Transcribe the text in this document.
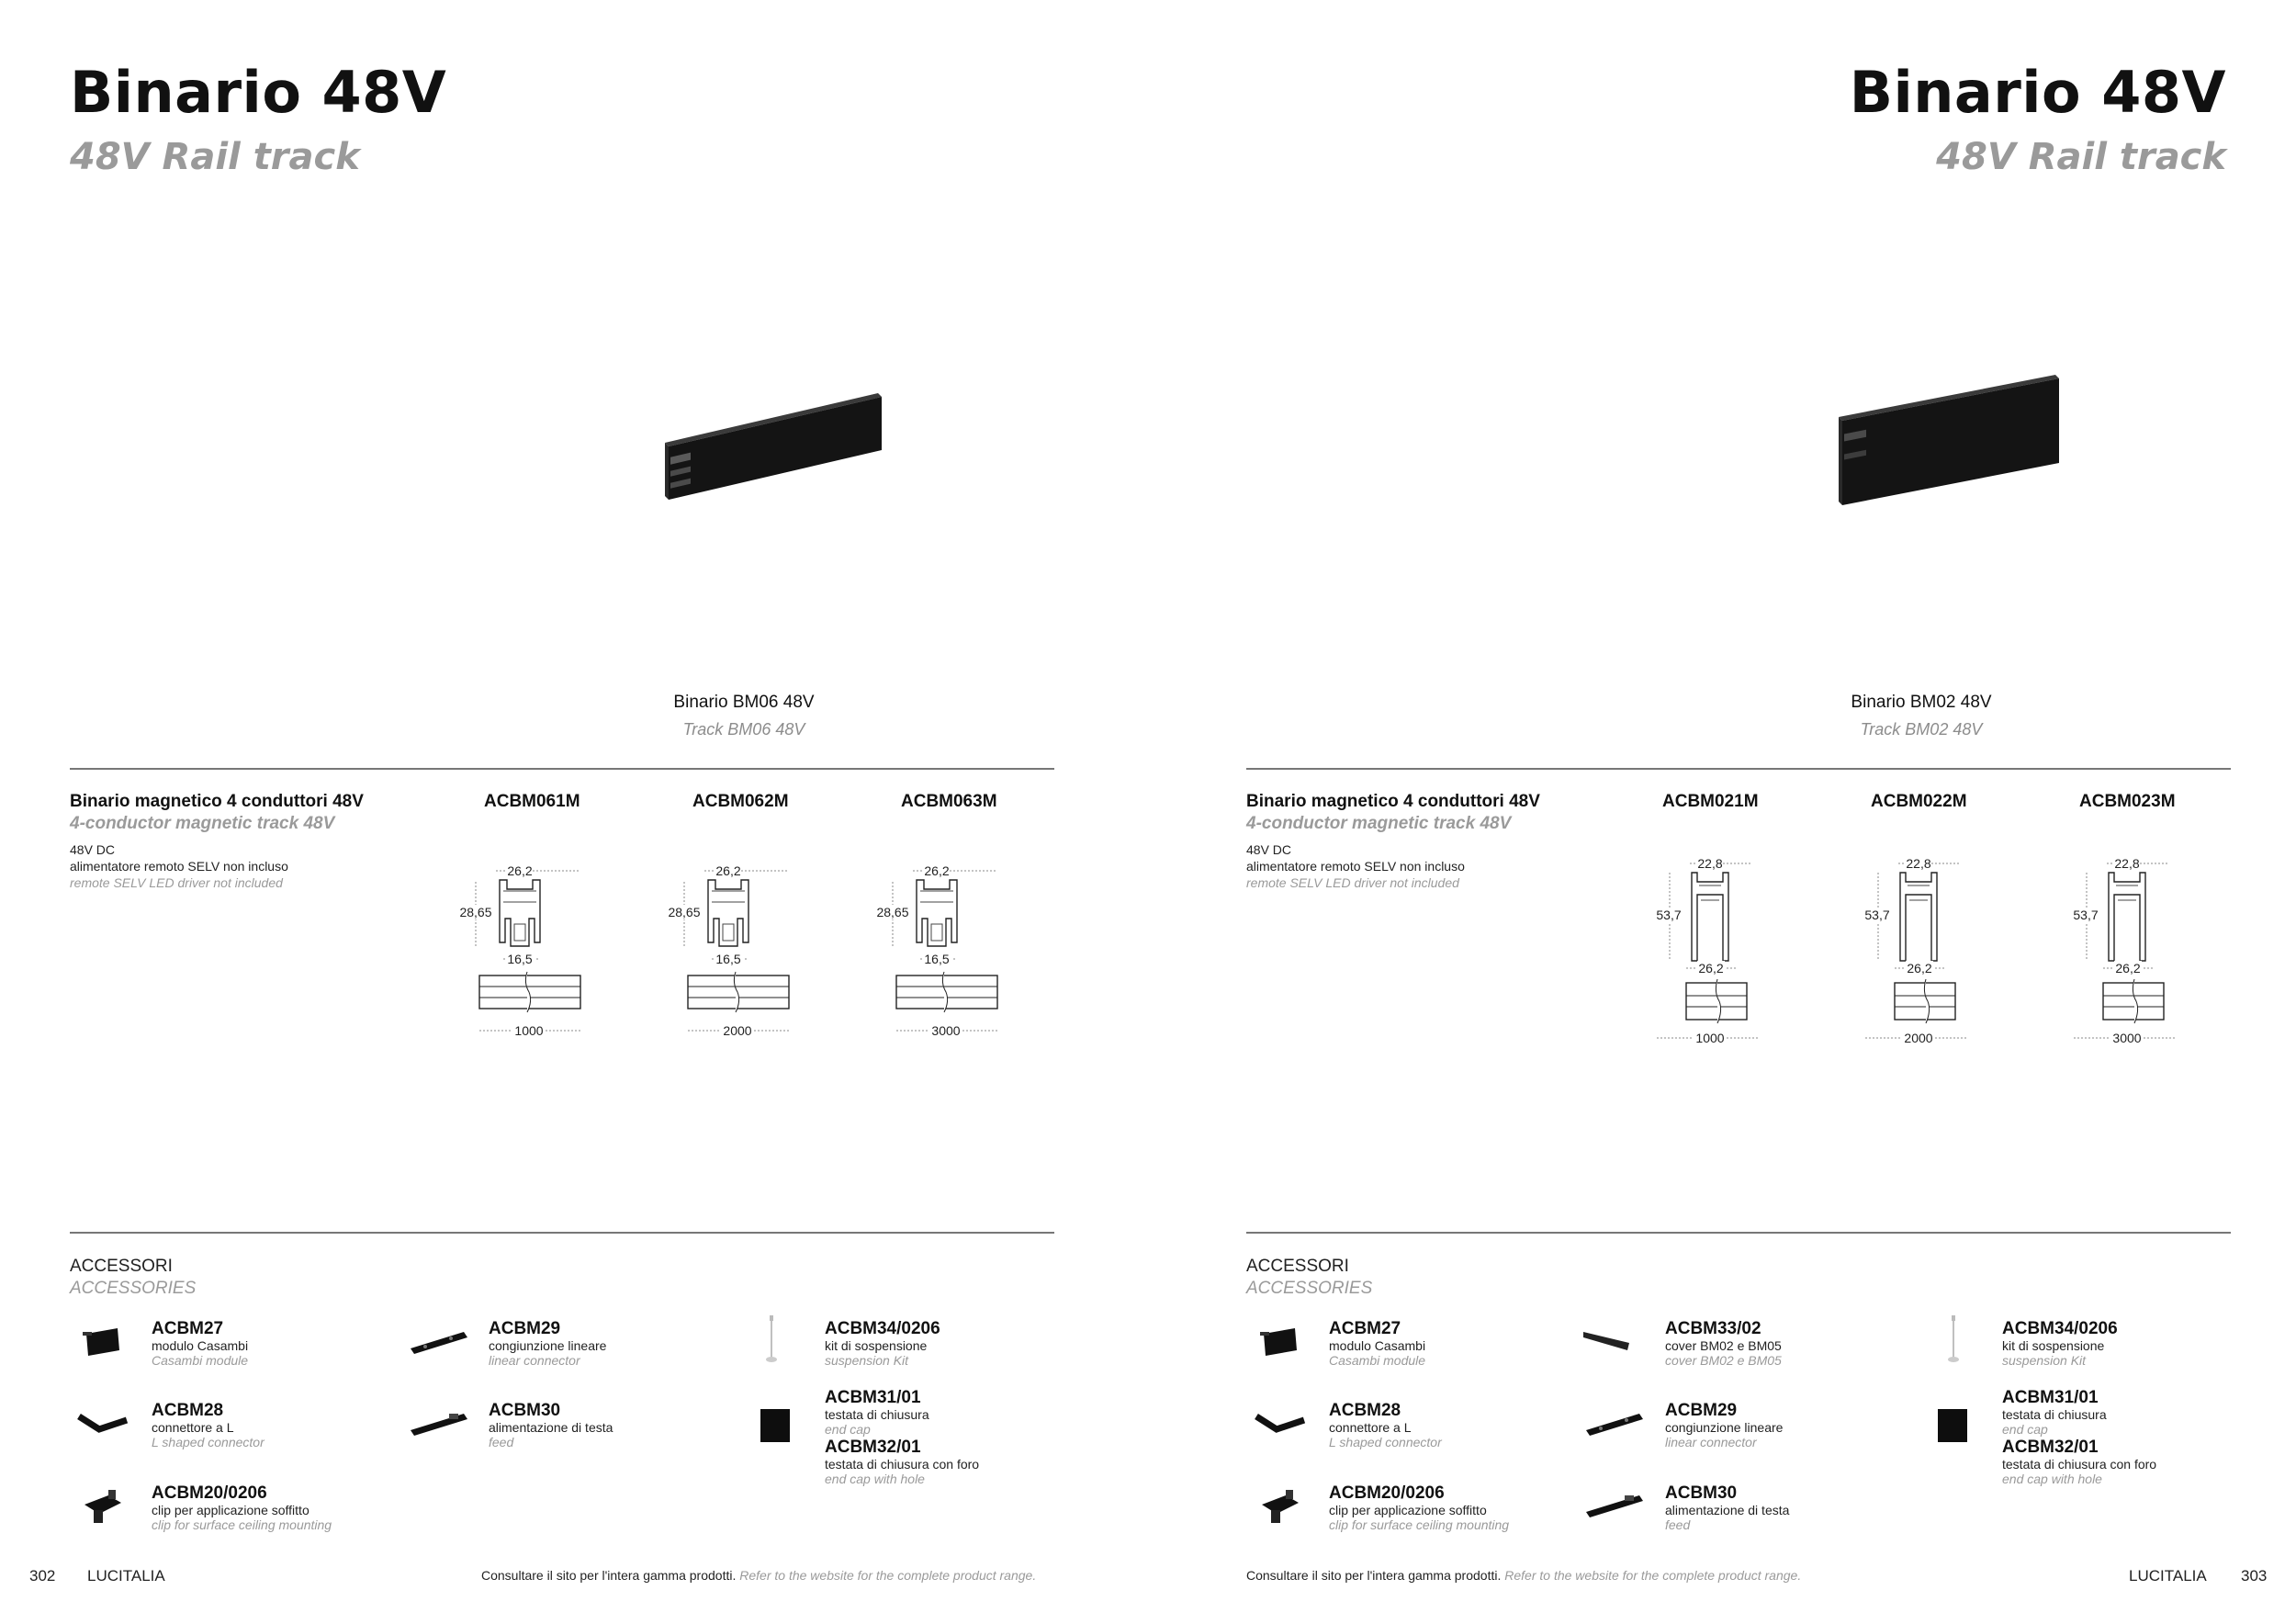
Binario 48V
48V Rail track
Binario BM06 48V
Track BM06 48V
Binario magnetico 4 conduttori 48V
4-conductor magnetic track 48V
48V DC
alimentatore remoto SELV non incluso
remote SELV LED driver not included
ACBM061M	ACBM062M	ACBM063M
26,2
28,65
16,5
1000
26,2
28,65
16,5
2000
26,2
28,65
16,5
3000
ACCESSORI
ACCESSORIES
ACBM27
modulo Casambi
Casambi module
ACBM28
connettore a L
L shaped connector
ACBM20/0206
clip per applicazione soffitto
clip for surface ceiling mounting
ACBM29
congiunzione lineare
linear connector
ACBM30
alimentazione di testa
feed
ACBM34/0206
kit di sospensione
suspension Kit
ACBM31/01
testata di chiusura
end cap
ACBM32/01
testata di chiusura con foro
end cap with hole
302 LUCITALIA	Consultare il sito per l'intera gamma prodotti. Refer to the website for the complete product range.
Binario 48V
48V Rail track
Binario BM02 48V
Track BM02 48V
Binario magnetico 4 conduttori 48V
4-conductor magnetic track 48V
48V DC
alimentatore remoto SELV non incluso
remote SELV LED driver not included
ACBM021M	ACBM022M	ACBM023M
22,8
53,7
26,2
1000
22,8
53,7
26,2
2000
22,8
53,7
26,2
3000
ACCESSORI
ACCESSORIES
ACBM27
modulo Casambi
Casambi module
ACBM28
connettore a L
L shaped connector
ACBM20/0206
clip per applicazione soffitto
clip for surface ceiling mounting
ACBM33/02
cover BM02 e BM05
cover BM02 e BM05
ACBM29
congiunzione lineare
linear connector
ACBM30
alimentazione di testa
feed
ACBM34/0206
kit di sospensione
suspension Kit
ACBM31/01
testata di chiusura
end cap
ACBM32/01
testata di chiusura con foro
end cap with hole
Consultare il sito per l'intera gamma prodotti. Refer to the website for the complete product range.	LUCITALIA 303
